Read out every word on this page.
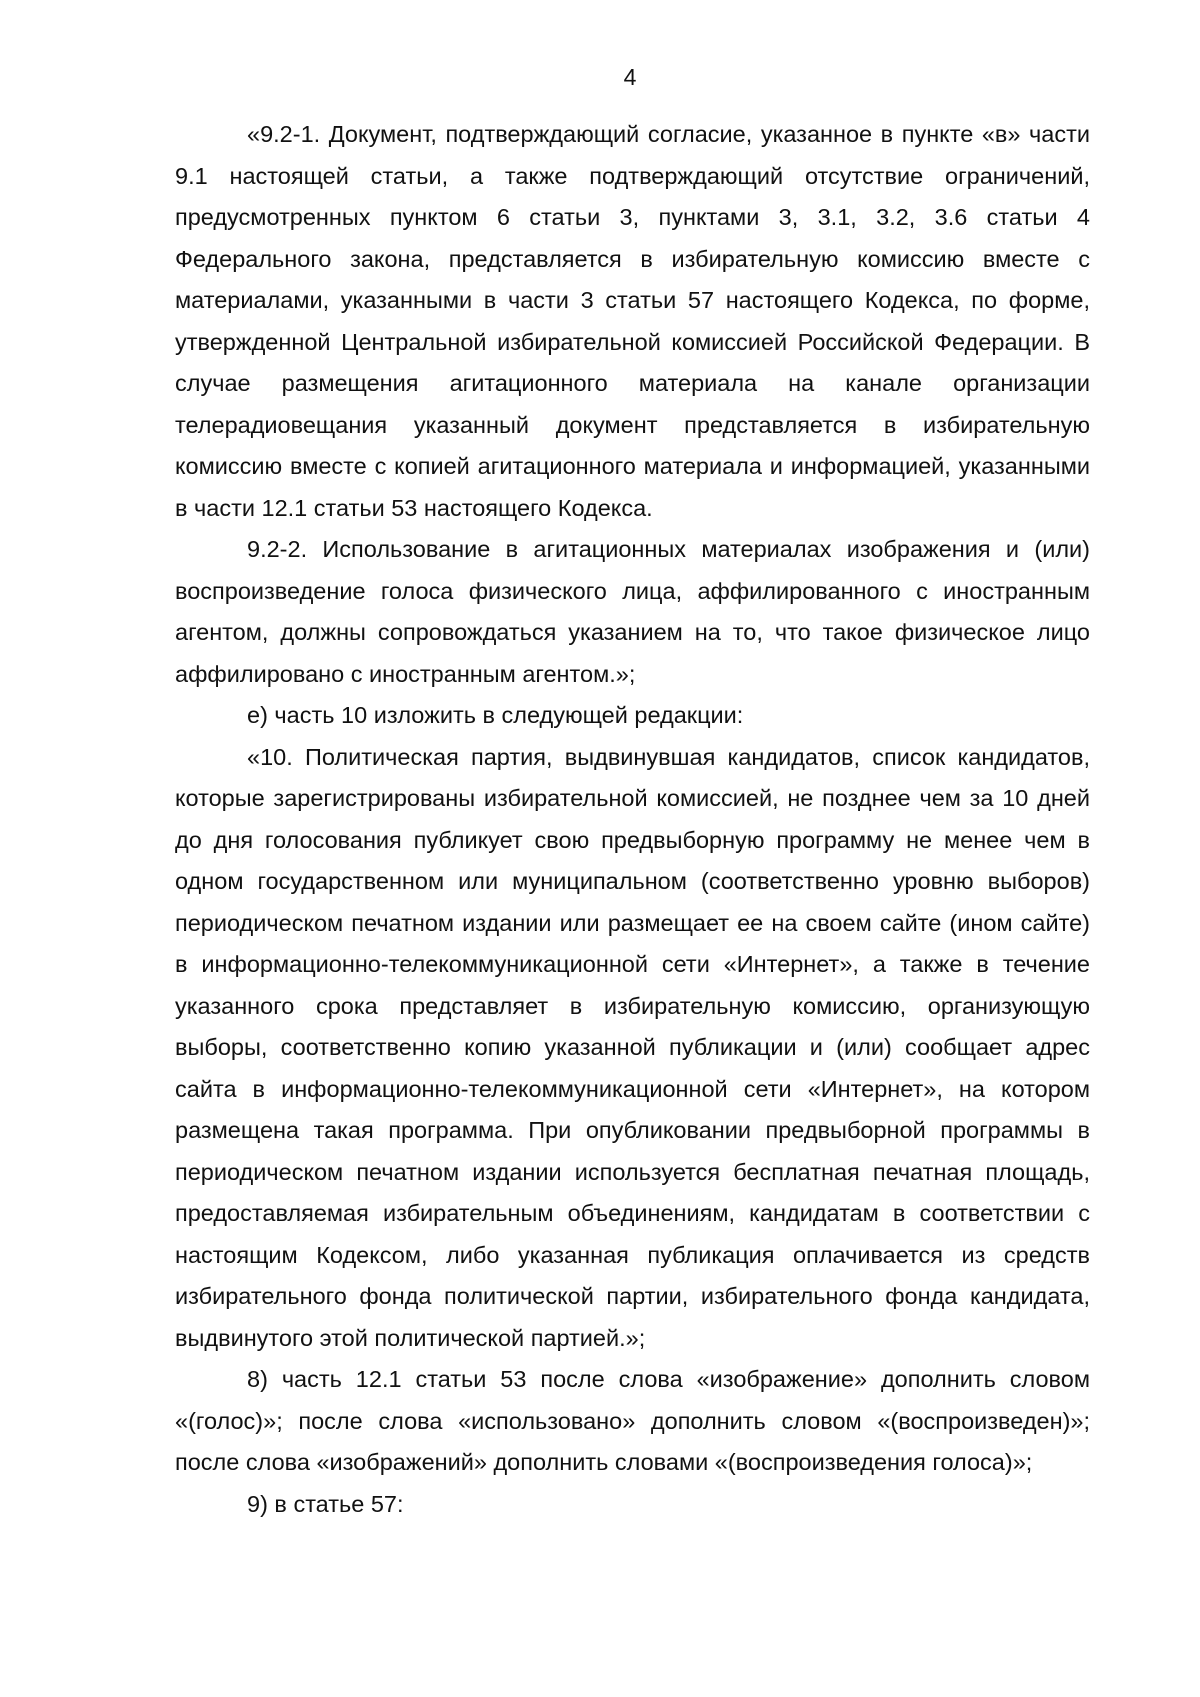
4

«9.2-1. Документ, подтверждающий согласие, указанное в пункте «в» части 9.1 настоящей статьи, а также подтверждающий отсутствие ограничений, предусмотренных пунктом 6 статьи 3, пунктами 3, 3.1, 3.2, 3.6 статьи 4 Федерального закона, представляется в избирательную комиссию вместе с материалами, указанными в части 3 статьи 57 настоящего Кодекса, по форме, утвержденной Центральной избирательной комиссией Российской Федерации. В случае размещения агитационного материала на канале организации телерадиовещания указанный документ представляется в избирательную комиссию вместе с копией агитационного материала и информацией, указанными в части 12.1 статьи 53 настоящего Кодекса.

9.2-2. Использование в агитационных материалах изображения и (или) воспроизведение голоса физического лица, аффилированного с иностранным агентом, должны сопровождаться указанием на то, что такое физическое лицо аффилировано с иностранным агентом.»;

е) часть 10 изложить в следующей редакции:

«10. Политическая партия, выдвинувшая кандидатов, список кандидатов, которые зарегистрированы избирательной комиссией, не позднее чем за 10 дней до дня голосования публикует свою предвыборную программу не менее чем в одном государственном или муниципальном (соответственно уровню выборов) периодическом печатном издании или размещает ее на своем сайте (ином сайте) в информационно-телекоммуникационной сети «Интернет», а также в течение указанного срока представляет в избирательную комиссию, организующую выборы, соответственно копию указанной публикации и (или) сообщает адрес сайта в информационно-телекоммуникационной сети «Интернет», на котором размещена такая программа. При опубликовании предвыборной программы в периодическом печатном издании используется бесплатная печатная площадь, предоставляемая избирательным объединениям, кандидатам в соответствии с настоящим Кодексом, либо указанная публикация оплачивается из средств избирательного фонда политической партии, избирательного фонда кандидата, выдвинутого этой политической партией.»;

8) часть 12.1 статьи 53 после слова «изображение» дополнить словом «(голос)»; после слова «использовано» дополнить словом «(воспроизведен)»; после слова «изображений» дополнить словами «(воспроизведения голоса)»;

9) в статье 57:
